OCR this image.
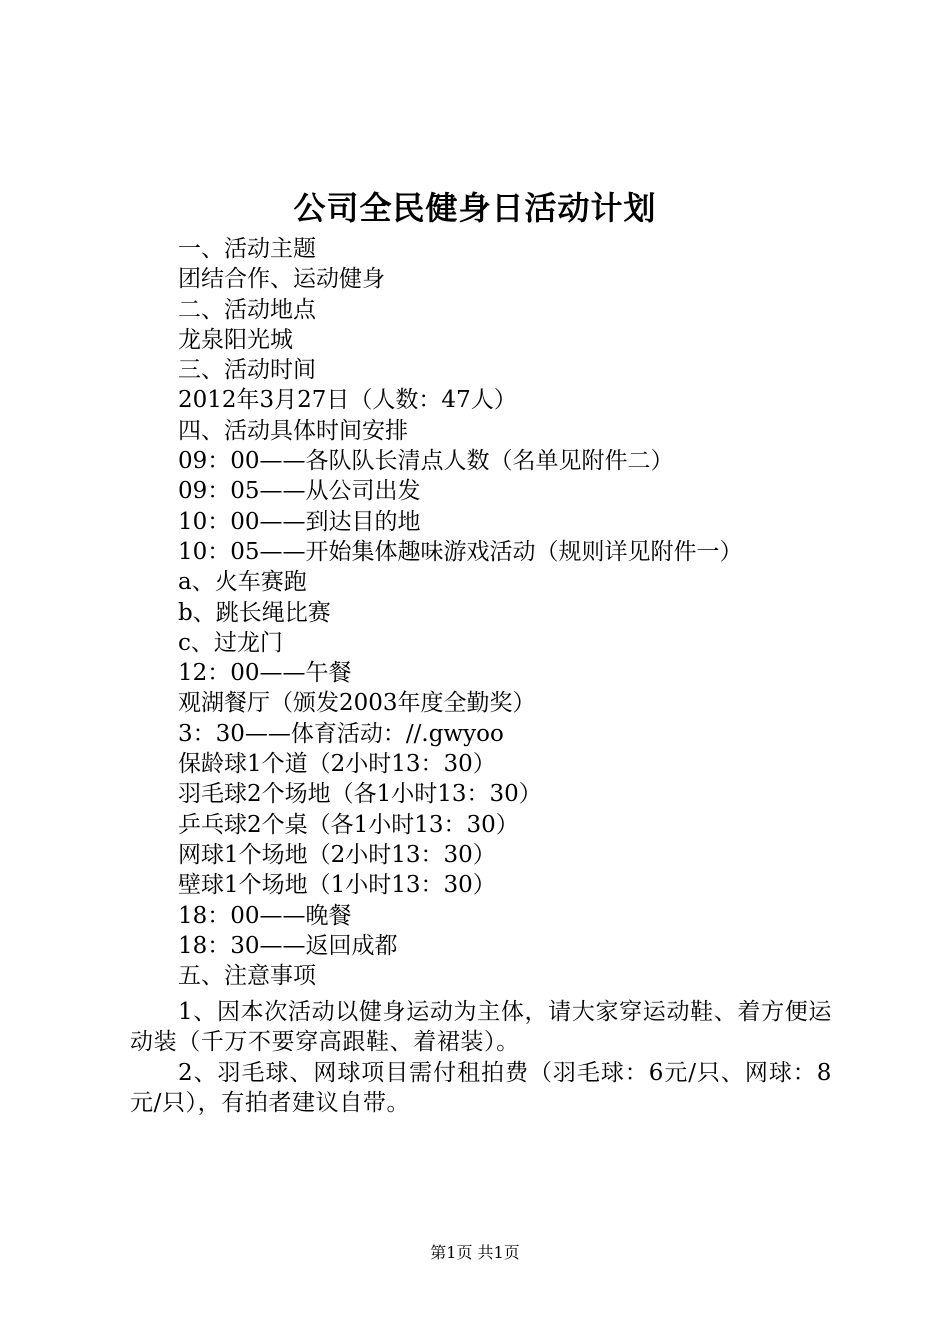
公司全民健身日活动计划
一、活动主题
团结合作、运动健身
二、活动地点
龙泉阳光城
三、活动时间
2012年3月27日（人数：47人）
四、活动具体时间安排
09：00——各队队长清点人数（名单见附件二）
09：05——从公司出发
10：00——到达目的地
10：05——开始集体趣味游戏活动（规则详见附件一）
a、火车赛跑
b、跳长绳比赛
c、过龙门
12：00——午餐
观湖餐厅（颁发2003年度全勤奖）
3：30——体育活动：//.gwyoo
保龄球1个道（2小时13：30）
羽毛球2个场地（各1小时13：30）
乒乓球2个桌（各1小时13：30）
网球1个场地（2小时13：30）
壁球1个场地（1小时13：30）
18：00——晚餐
18：30——返回成都
五、注意事项

1、因本次活动以健身运动为主体，请大家穿运动鞋、着方便运动装（千万不要穿高跟鞋、着裙装）。

2、羽毛球、网球项目需付租拍费（羽毛球：6元/只、网球：8元/只），有拍者建议自带。

第1页 共1页
